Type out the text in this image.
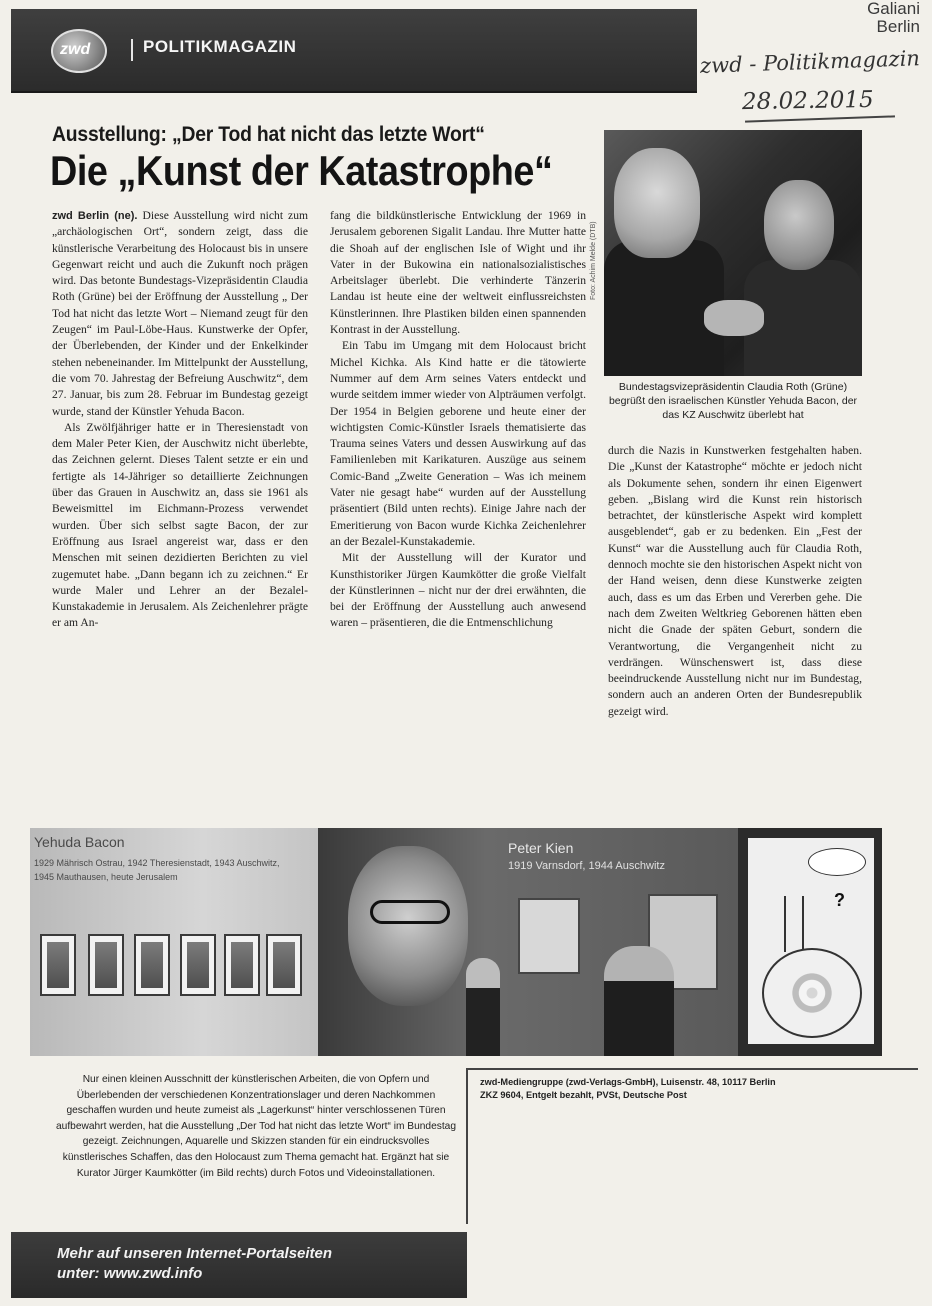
Galiani
Berlin
zwd - Politikmagazin
28.02.2015
zwd	POLITIKMAGAZIN
Ausstellung: „Der Tod hat nicht das letzte Wort“
Die „Kunst der Katastrophe“

zwd Berlin (ne). Diese Ausstellung wird nicht zum „archäologischen Ort“, sondern zeigt, dass die künstlerische Verarbeitung des Holocaust bis in unsere Gegenwart reicht und auch die Zukunft noch prägen wird. Das betonte Bundestags-Vizepräsidentin Claudia Roth (Grüne) bei der Eröffnung der Ausstellung „ Der Tod hat nicht das letzte Wort – Niemand zeugt für den Zeugen“ im Paul-Löbe-Haus. Kunstwerke der Opfer, der Überlebenden, der Kinder und der Enkelkinder stehen nebeneinander. Im Mittelpunkt der Ausstellung, die vom 70. Jahrestag der Befreiung Auschwitz“, dem 27. Januar, bis zum 28. Februar im Bundestag gezeigt wurde, stand der Künstler Yehuda Bacon.

Als Zwölfjähriger hatte er in Theresienstadt von dem Maler Peter Kien, der Auschwitz nicht überlebte, das Zeichnen gelernt. Dieses Talent setzte er ein und fertigte als 14-Jähriger so detaillierte Zeichnungen über das Grauen in Auschwitz an, dass sie 1961 als Beweismittel im Eichmann-Prozess verwendet wurden. Über sich selbst sagte Bacon, der zur Eröffnung aus Israel angereist war, dass er den Menschen mit seinen dezidierten Berichten zu viel zugemutet habe. „Dann begann ich zu zeichnen.“ Er wurde Maler und Lehrer an der Bezalel-Kunstakademie in Jerusalem. Als Zeichenlehrer prägte er am An-

fang die bildkünstlerische Entwicklung der 1969 in Jerusalem geborenen Sigalit Landau. Ihre Mutter hatte die Shoah auf der englischen Isle of Wight und ihr Vater in der Bukowina ein nationalsozialistisches Arbeitslager überlebt. Die verhinderte Tänzerin Landau ist heute eine der weltweit einflussreichsten Künstlerinnen. Ihre Plastiken bilden einen spannenden Kontrast in der Ausstellung.

Ein Tabu im Umgang mit dem Holocaust bricht Michel Kichka. Als Kind hatte er die tätowierte Nummer auf dem Arm seines Vaters entdeckt und wurde seitdem immer wieder von Alpträumen verfolgt. Der 1954 in Belgien geborene und heute einer der wichtigsten Comic-Künstler Israels thematisierte das Trauma seines Vaters und dessen Auswirkung auf das Familienleben mit Karikaturen. Auszüge aus seinem Comic-Band „Zweite Generation – Was ich meinem Vater nie gesagt habe“ wurden auf der Ausstellung präsentiert (Bild unten rechts). Einige Jahre nach der Emeritierung von Bacon wurde Kichka Zeichenlehrer an der Bezalel-Kunstakademie.

Mit der Ausstellung will der Kurator und Kunsthistoriker Jürgen Kaumkötter die große Vielfalt der Künstlerinnen – nicht nur der drei erwähnten, die bei der Eröffnung der Ausstellung auch anwesend waren – präsentieren, die die Entmenschlichung

Foto: Achim Melde (DTB)
Bundestagsvizepräsidentin Claudia Roth (Grüne) begrüßt den israelischen Künstler Yehuda Bacon, der das KZ Auschwitz überlebt hat

durch die Nazis in Kunstwerken festgehalten haben. Die „Kunst der Katastrophe“ möchte er jedoch nicht als Dokumente sehen, sondern ihr einen Eigenwert geben. „Bislang wird die Kunst rein historisch betrachtet, der künstlerische Aspekt wird komplett ausgeblendet“, gab er zu bedenken. Ein „Fest der Kunst“ war die Ausstellung auch für Claudia Roth, dennoch mochte sie den historischen Aspekt nicht von der Hand weisen, denn diese Kunstwerke zeigten auch, dass es um das Erben und Vererben gehe. Die nach dem Zweiten Weltkrieg Geborenen hätten eben nicht die Gnade der späten Geburt, sondern die Verantwortung, die Vergangenheit nicht zu verdrängen. Wünschenswert ist, dass diese beeindruckende Ausstellung nicht nur im Bundestag, sondern auch an anderen Orten der Bundesrepublik gezeigt wird.

Yehuda Bacon
1929 Mährisch Ostrau, 1942 Theresienstadt, 1943 Auschwitz,
1945 Mauthausen, heute Jerusalem
Peter Kien
1919 Varnsdorf, 1944 Auschwitz
?
Nur einen kleinen Ausschnitt der künstlerischen Arbeiten, die von Opfern und Überlebenden der verschiedenen Konzentrationslager und deren Nachkommen geschaffen wurden und heute zumeist als „Lagerkunst“ hinter verschlossenen Türen aufbewahrt werden, hat die Ausstellung „Der Tod hat nicht das letzte Wort“ im Bundestag gezeigt. Zeichnungen, Aquarelle und Skizzen standen für ein eindrucksvolles künstlerisches Schaffen, das den Holocaust zum Thema gemacht hat. Ergänzt hat sie Kurator Jürger Kaumkötter (im Bild rechts) durch Fotos und Videoinstallationen.
zwd-Mediengruppe (zwd-Verlags-GmbH), Luisenstr. 48, 10117 Berlin
ZKZ 9604, Entgelt bezahlt, PVSt, Deutsche Post
Mehr auf unseren Internet-Portalseiten
unter: www.zwd.info
